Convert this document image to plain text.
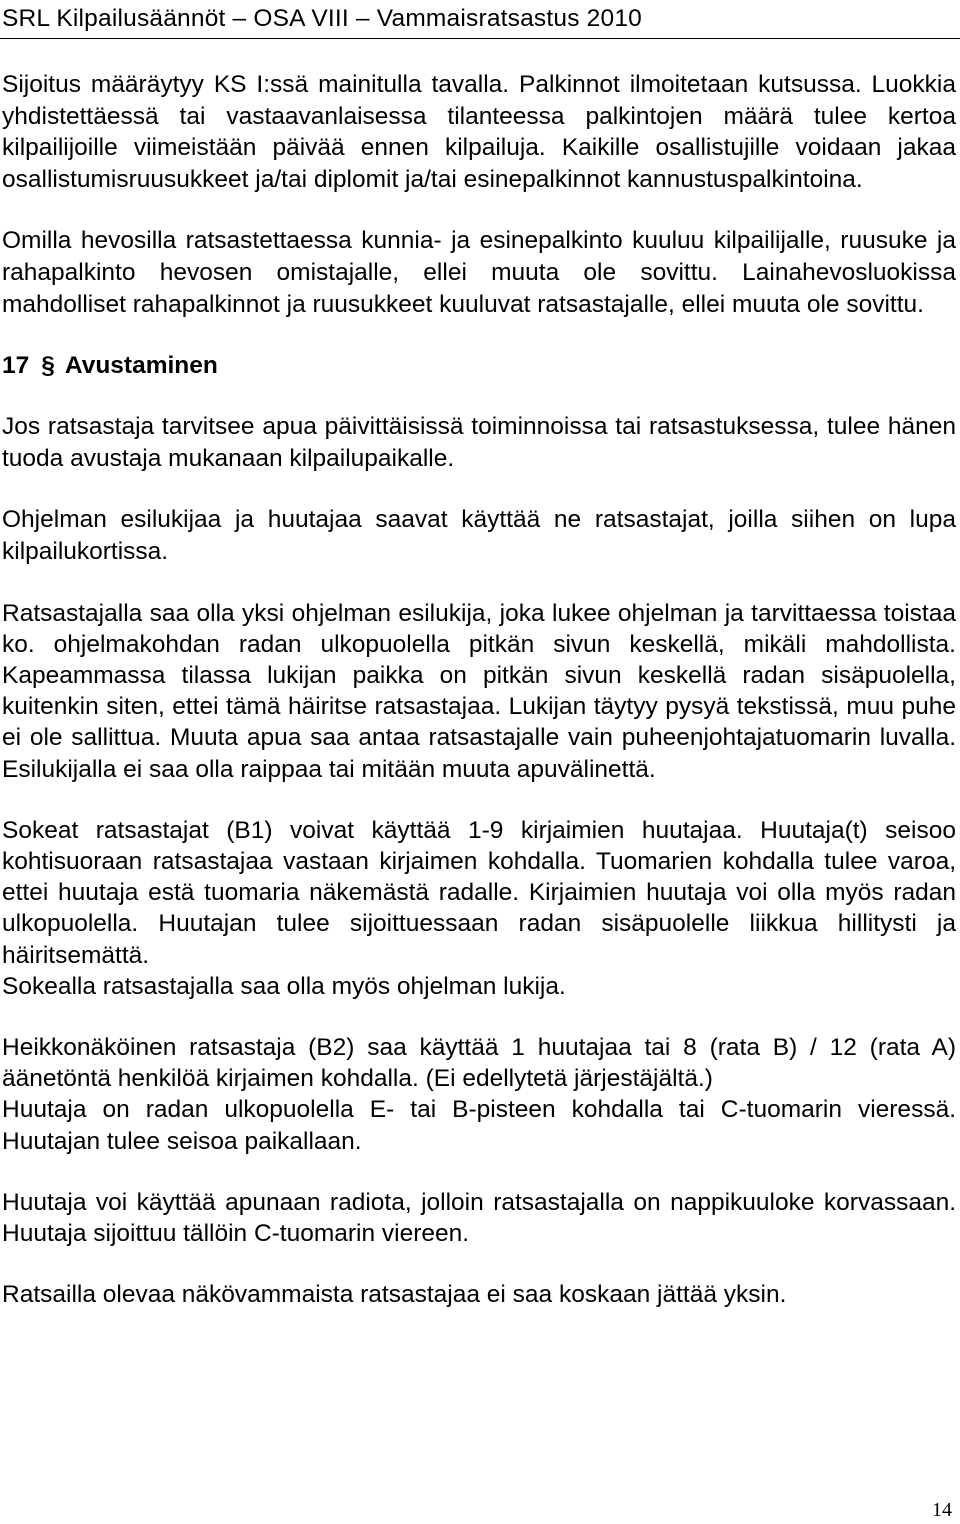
SRL Kilpailusäännöt – OSA VIII – Vammaisratsastus 2010

Sijoitus määräytyy KS I:ssä mainitulla tavalla. Palkinnot ilmoitetaan kutsussa. Luokkia yhdistettäessä tai vastaavanlaisessa tilanteessa palkintojen määrä tulee kertoa kilpailijoille viimeistään päivää ennen kilpailuja. Kaikille osallistujille voidaan jakaa osallistumisruusukkeet ja/tai diplomit ja/tai esinepalkinnot kannustuspalkintoina.

Omilla hevosilla ratsastettaessa kunnia- ja esinepalkinto kuuluu kilpailijalle, ruusuke ja rahapalkinto hevosen omistajalle, ellei muuta ole sovittu. Lainahevosluokissa mahdolliset rahapalkinnot ja ruusukkeet kuuluvat ratsastajalle, ellei muuta ole sovittu.

17 § Avustaminen

Jos ratsastaja tarvitsee apua päivittäisissä toiminnoissa tai ratsastuksessa, tulee hänen tuoda avustaja mukanaan kilpailupaikalle.

Ohjelman esilukijaa ja huutajaa saavat käyttää ne ratsastajat, joilla siihen on lupa kilpailukortissa.

Ratsastajalla saa olla yksi ohjelman esilukija, joka lukee ohjelman ja tarvittaessa toistaa ko. ohjelmakohdan radan ulkopuolella pitkän sivun keskellä, mikäli mahdollista. Kapeammassa tilassa lukijan paikka on pitkän sivun keskellä radan sisäpuolella, kuitenkin siten, ettei tämä häiritse ratsastajaa. Lukijan täytyy pysyä tekstissä, muu puhe ei ole sallittua. Muuta apua saa antaa ratsastajalle vain puheenjohtajatuomarin luvalla. Esilukijalla ei saa olla raippaa tai mitään muuta apuvälinettä.

Sokeat ratsastajat (B1) voivat käyttää 1-9 kirjaimien huutajaa. Huutaja(t) seisoo kohtisuoraan ratsastajaa vastaan kirjaimen kohdalla. Tuomarien kohdalla tulee varoa, ettei huutaja estä tuomaria näkemästä radalle. Kirjaimien huutaja voi olla myös radan ulkopuolella. Huutajan tulee sijoittuessaan radan sisäpuolelle liikkua hillitysti ja häiritsemättä.

Sokealla ratsastajalla saa olla myös ohjelman lukija.

Heikkonäköinen ratsastaja (B2) saa käyttää 1 huutajaa tai 8 (rata B) / 12 (rata A) äänetöntä henkilöä kirjaimen kohdalla. (Ei edellytetä järjestäjältä.)

Huutaja on radan ulkopuolella E- tai B-pisteen kohdalla tai C-tuomarin vieressä. Huutajan tulee seisoa paikallaan.

Huutaja voi käyttää apunaan radiota, jolloin ratsastajalla on nappikuuloke korvassaan. Huutaja sijoittuu tällöin C-tuomarin viereen.

Ratsailla olevaa näkövammaista ratsastajaa ei saa koskaan jättää yksin.

14
